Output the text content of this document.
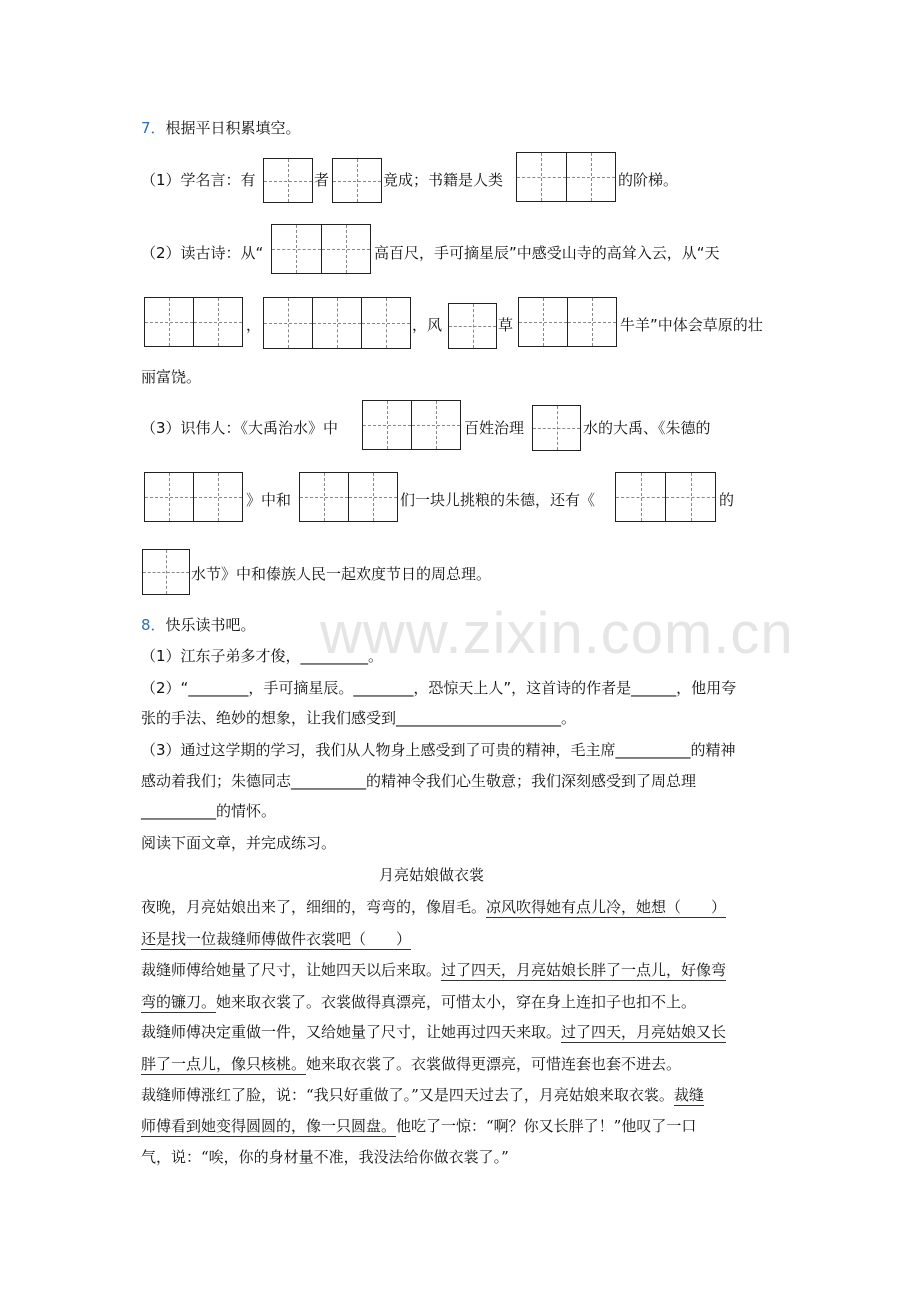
www.zixin.com.cn
7．根据平日积累填空。
（1）学名言：有	者	竟成；书籍是人类	的阶梯。
（2）读古诗：从“	高百尺，手可摘星辰”中感受山寺的高耸入云，从“天
，	，风	草	牛羊”中体会草原的壮
丽富饶。
（3）识伟人：《大禹治水》中	百姓治理	水的大禹、《朱德的
》中和	们一块儿挑粮的朱德，还有《	的
水节》中和傣族人民一起欢度节日的周总理。
8．快乐读书吧。
（1）江东子弟多才俊，_________。
（2）“________，手可摘星辰。________，恐惊天上人”，这首诗的作者是______，他用夸
张的手法、绝妙的想象，让我们感受到______________________。
（3）通过这学期的学习，我们从人物身上感受到了可贵的精神，毛主席__________的精神
感动着我们；朱德同志__________的精神令我们心生敬意；我们深刻感受到了周总理
__________的情怀。
阅读下面文章，并完成练习。
月亮姑娘做衣裳
夜晚，月亮姑娘出来了，细细的，弯弯的，像眉毛。凉风吹得她有点儿冷，她想（　　）
还是找一位裁缝师傅做件衣裳吧（　　）
裁缝师傅给她量了尺寸，让她四天以后来取。过了四天，月亮姑娘长胖了一点儿，好像弯
弯的镰刀。她来取衣裳了。衣裳做得真漂亮，可惜太小，穿在身上连扣子也扣不上。
裁缝师傅决定重做一件，又给她量了尺寸，让她再过四天来取。过了四天，月亮姑娘又长
胖了一点儿，像只核桃。她来取衣裳了。衣裳做得更漂亮，可惜连套也套不进去。
裁缝师傅涨红了脸，说：“我只好重做了。”又是四天过去了，月亮姑娘来取衣裳。裁缝
师傅看到她变得圆圆的，像一只圆盘。他吃了一惊：“啊？你又长胖了！”他叹了一口
气，说：“唉，你的身材量不准，我没法给你做衣裳了。”
